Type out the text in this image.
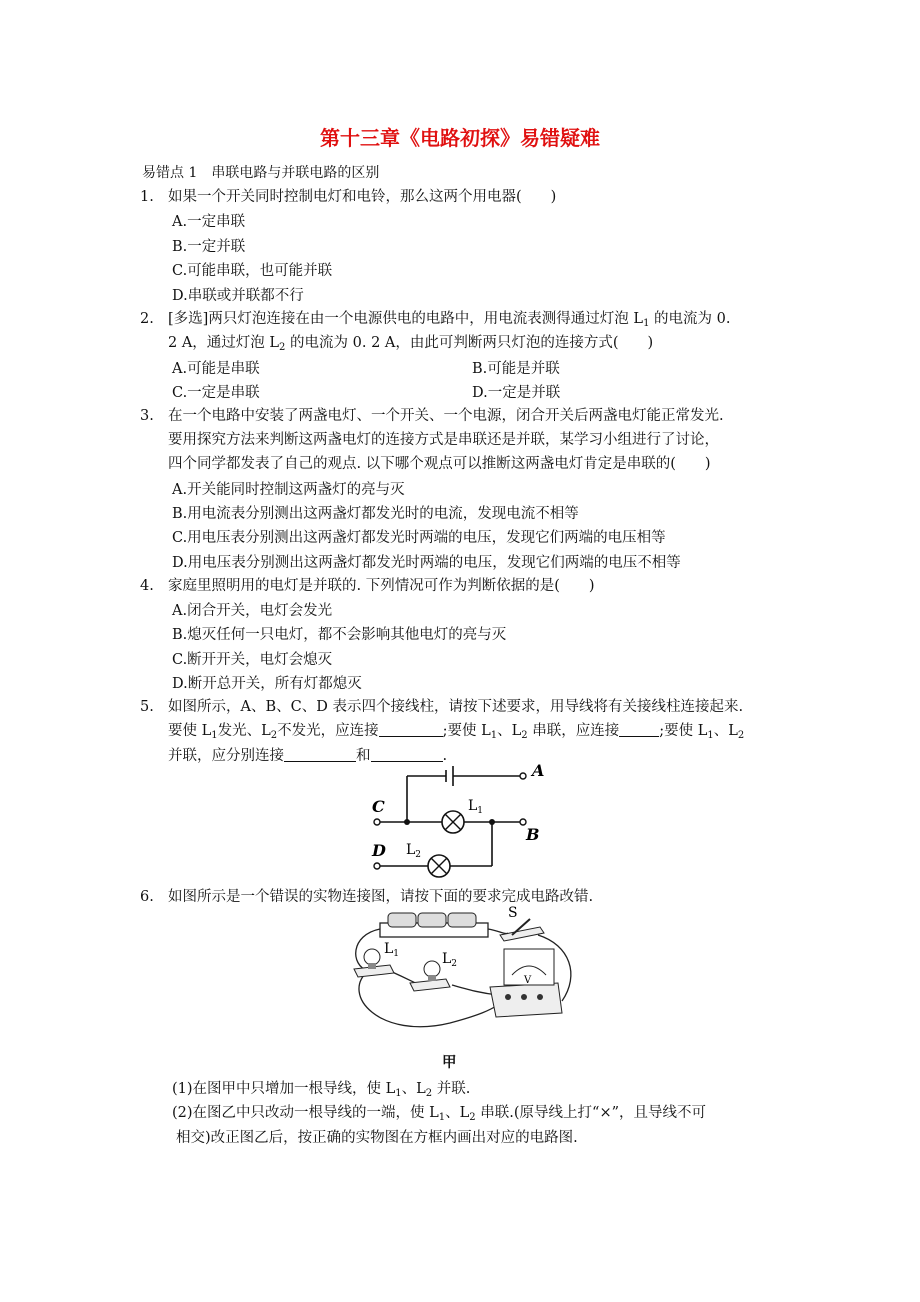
第十三章《电路初探》易错疑难
易错点 1　串联电路与并联电路的区别
1. 如果一个开关同时控制电灯和电铃，那么这两个用电器(　　)
A.一定串联
B.一定并联
C.可能串联，也可能并联
D.串联或并联都不行
2. [多选]两只灯泡连接在由一个电源供电的电路中，用电流表测得通过灯泡 $L_1$ 的电流为 0.
2 A，通过灯泡 $L_2$ 的电流为 0. 2 A，由此可判断两只灯泡的连接方式(　　)
A.可能是串联	B.可能是并联
C.一定是串联	D.一定是并联
3. 在一个电路中安装了两盏电灯、一个开关、一个电源，闭合开关后两盏电灯能正常发光.
要用探究方法来判断这两盏电灯的连接方式是串联还是并联，某学习小组进行了讨论，
四个同学都发表了自己的观点. 以下哪个观点可以推断这两盏电灯肯定是串联的(　　)
A.开关能同时控制这两盏灯的亮与灭
B.用电流表分别测出这两盏灯都发光时的电流，发现电流不相等
C.用电压表分别测出这两盏灯都发光时两端的电压，发现它们两端的电压相等
D.用电压表分别测出这两盏灯都发光时两端的电压，发现它们两端的电压不相等
4. 家庭里照明用的电灯是并联的. 下列情况可作为判断依据的是(　　)
A.闭合开关，电灯会发光
B.熄灭任何一只电灯，都不会影响其他电灯的亮与灭
C.断开开关，电灯会熄灭
D.断开总开关，所有灯都熄灭
5. 如图所示，A、B、C、D 表示四个接线柱，请按下述要求，用导线将有关接线柱连接起来.
要使 $L_1$发光、$L_2$不发光，应连接	;要使 $L_1$、$L_2$ 串联，应连接	;要使 $L_1$、$L_2$
并联，应分别连接	和	.
A
B
C
D
$L_1$
$L_2$
6. 如图所示是一个错误的实物连接图，请按下面的要求完成电路改错.
S
$L_1$	$L_2$
V
甲
(1)在图甲中只增加一根导线，使 $L_1$、$L_2$ 并联.
(2)在图乙中只改动一根导线的一端，使 $L_1$、$L_2$ 串联.(原导线上打“×”，且导线不可
相交)改正图乙后，按正确的实物图在方框内画出对应的电路图.
